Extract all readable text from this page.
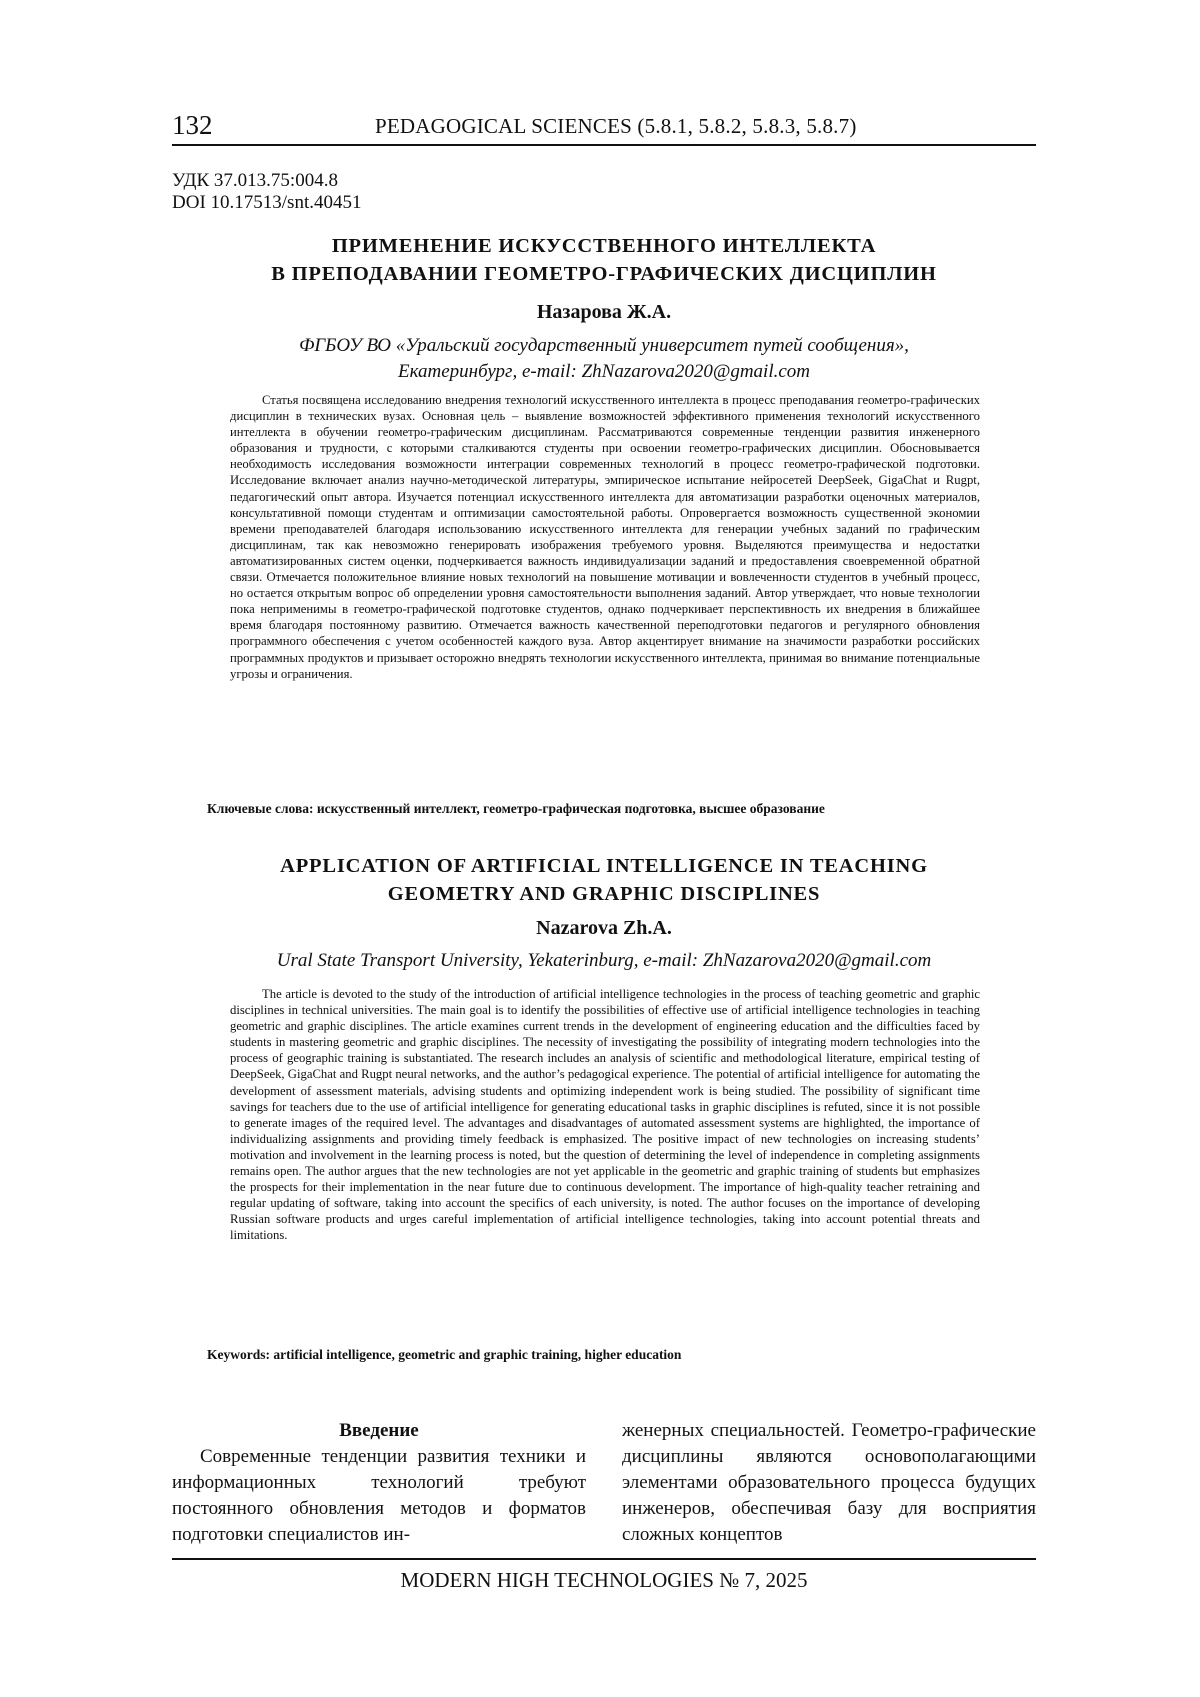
132	PEDAGOGICAL SCIENCES (5.8.1, 5.8.2, 5.8.3, 5.8.7)
УДК 37.013.75:004.8
DOI 10.17513/snt.40451
ПРИМЕНЕНИЕ ИСКУССТВЕННОГО ИНТЕЛЛЕКТА
В ПРЕПОДАВАНИИ ГЕОМЕТРО-ГРАФИЧЕСКИХ ДИСЦИПЛИН
Назарова Ж.А.
ФГБОУ ВО «Уральский государственный университет путей сообщения»,
Екатеринбург, e-mail: ZhNazarova2020@gmail.com
Статья посвящена исследованию внедрения технологий искусственного интеллекта в процесс преподавания геометро-графических дисциплин в технических вузах. Основная цель – выявление возможностей эффективного применения технологий искусственного интеллекта в обучении геометро-графическим дисциплинам. Рассматриваются современные тенденции развития инженерного образования и трудности, с которыми сталкиваются студенты при освоении геометро-графических дисциплин. Обосновывается необходимость исследования возможности интеграции современных технологий в процесс геометро-графической подготовки. Исследование включает анализ научно-методической литературы, эмпирическое испытание нейросетей DeepSeek, GigaChat и Rugpt, педагогический опыт автора. Изучается потенциал искусственного интеллекта для автоматизации разработки оценочных материалов, консультативной помощи студентам и оптимизации самостоятельной работы. Опровергается возможность существенной экономии времени преподавателей благодаря использованию искусственного интеллекта для генерации учебных заданий по графическим дисциплинам, так как невозможно генерировать изображения требуемого уровня. Выделяются преимущества и недостатки автоматизированных систем оценки, подчеркивается важность индивидуализации заданий и предоставления своевременной обратной связи. Отмечается положительное влияние новых технологий на повышение мотивации и вовлеченности студентов в учебный процесс, но остается открытым вопрос об определении уровня самостоятельности выполнения заданий. Автор утверждает, что новые технологии пока неприменимы в геометро-графической подготовке студентов, однако подчеркивает перспективность их внедрения в ближайшее время благодаря постоянному развитию. Отмечается важность качественной переподготовки педагогов и регулярного обновления программного обеспечения с учетом особенностей каждого вуза. Автор акцентирует внимание на значимости разработки российских программных продуктов и призывает осторожно внедрять технологии искусственного интеллекта, принимая во внимание потенциальные угрозы и ограничения.
Ключевые слова: искусственный интеллект, геометро-графическая подготовка, высшее образование
APPLICATION OF ARTIFICIAL INTELLIGENCE IN TEACHING
GEOMETRY AND GRAPHIC DISCIPLINES
Nazarova Zh.A.
Ural State Transport University, Yekaterinburg, e-mail: ZhNazarova2020@gmail.com
The article is devoted to the study of the introduction of artificial intelligence technologies in the process of teaching geometric and graphic disciplines in technical universities. The main goal is to identify the possibilities of effective use of artificial intelligence technologies in teaching geometric and graphic disciplines. The article examines current trends in the development of engineering education and the difficulties faced by students in mastering geometric and graphic disciplines. The necessity of investigating the possibility of integrating modern technologies into the process of geographic training is substantiated. The research includes an analysis of scientific and methodological literature, empirical testing of DeepSeek, GigaChat and Rugpt neural networks, and the author’s pedagogical experience. The potential of artificial intelligence for automating the development of assessment materials, advising students and optimizing independent work is being studied. The possibility of significant time savings for teachers due to the use of artificial intelligence for generating educational tasks in graphic disciplines is refuted, since it is not possible to generate images of the required level. The advantages and disadvantages of automated assessment systems are highlighted, the importance of individualizing assignments and providing timely feedback is emphasized. The positive impact of new technologies on increasing students’ motivation and involvement in the learning process is noted, but the question of determining the level of independence in completing assignments remains open. The author argues that the new technologies are not yet applicable in the geometric and graphic training of students but emphasizes the prospects for their implementation in the near future due to continuous development. The importance of high-quality teacher retraining and regular updating of software, taking into account the specifics of each university, is noted. The author focuses on the importance of developing Russian software products and urges careful implementation of artificial intelligence technologies, taking into account potential threats and limitations.
Keywords: artificial intelligence, geometric and graphic training, higher education
Введение
Современные тенденции развития техники и информационных технологий требуют постоянного обновления методов и форматов подготовки специалистов ин-
женерных специальностей. Геометро-графические дисциплины являются основополагающими элементами образовательного процесса будущих инженеров, обеспечивая базу для восприятия сложных концептов
MODERN HIGH TECHNOLOGIES № 7, 2025
